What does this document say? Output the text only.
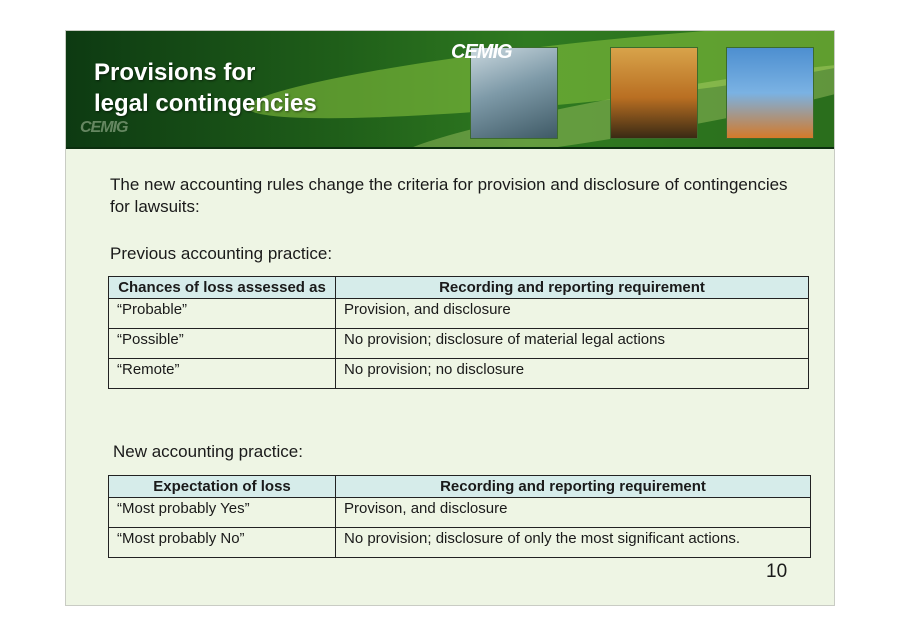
Provisions for
legal contingencies
CEMIG
CEMIG

The new accounting rules change the criteria for provision and disclosure of contingencies for lawsuits:

Previous accounting practice:

Chances of loss assessed as	Recording and reporting requirement
“Probable”	Provision, and disclosure
“Possible”	No provision; disclosure of material legal actions
“Remote”	No provision; no disclosure

New accounting practice:

Expectation of loss	Recording and reporting requirement
“Most probably Yes”	Provison, and disclosure
“Most probably No”	No provision; disclosure of only the most significant actions.
10
